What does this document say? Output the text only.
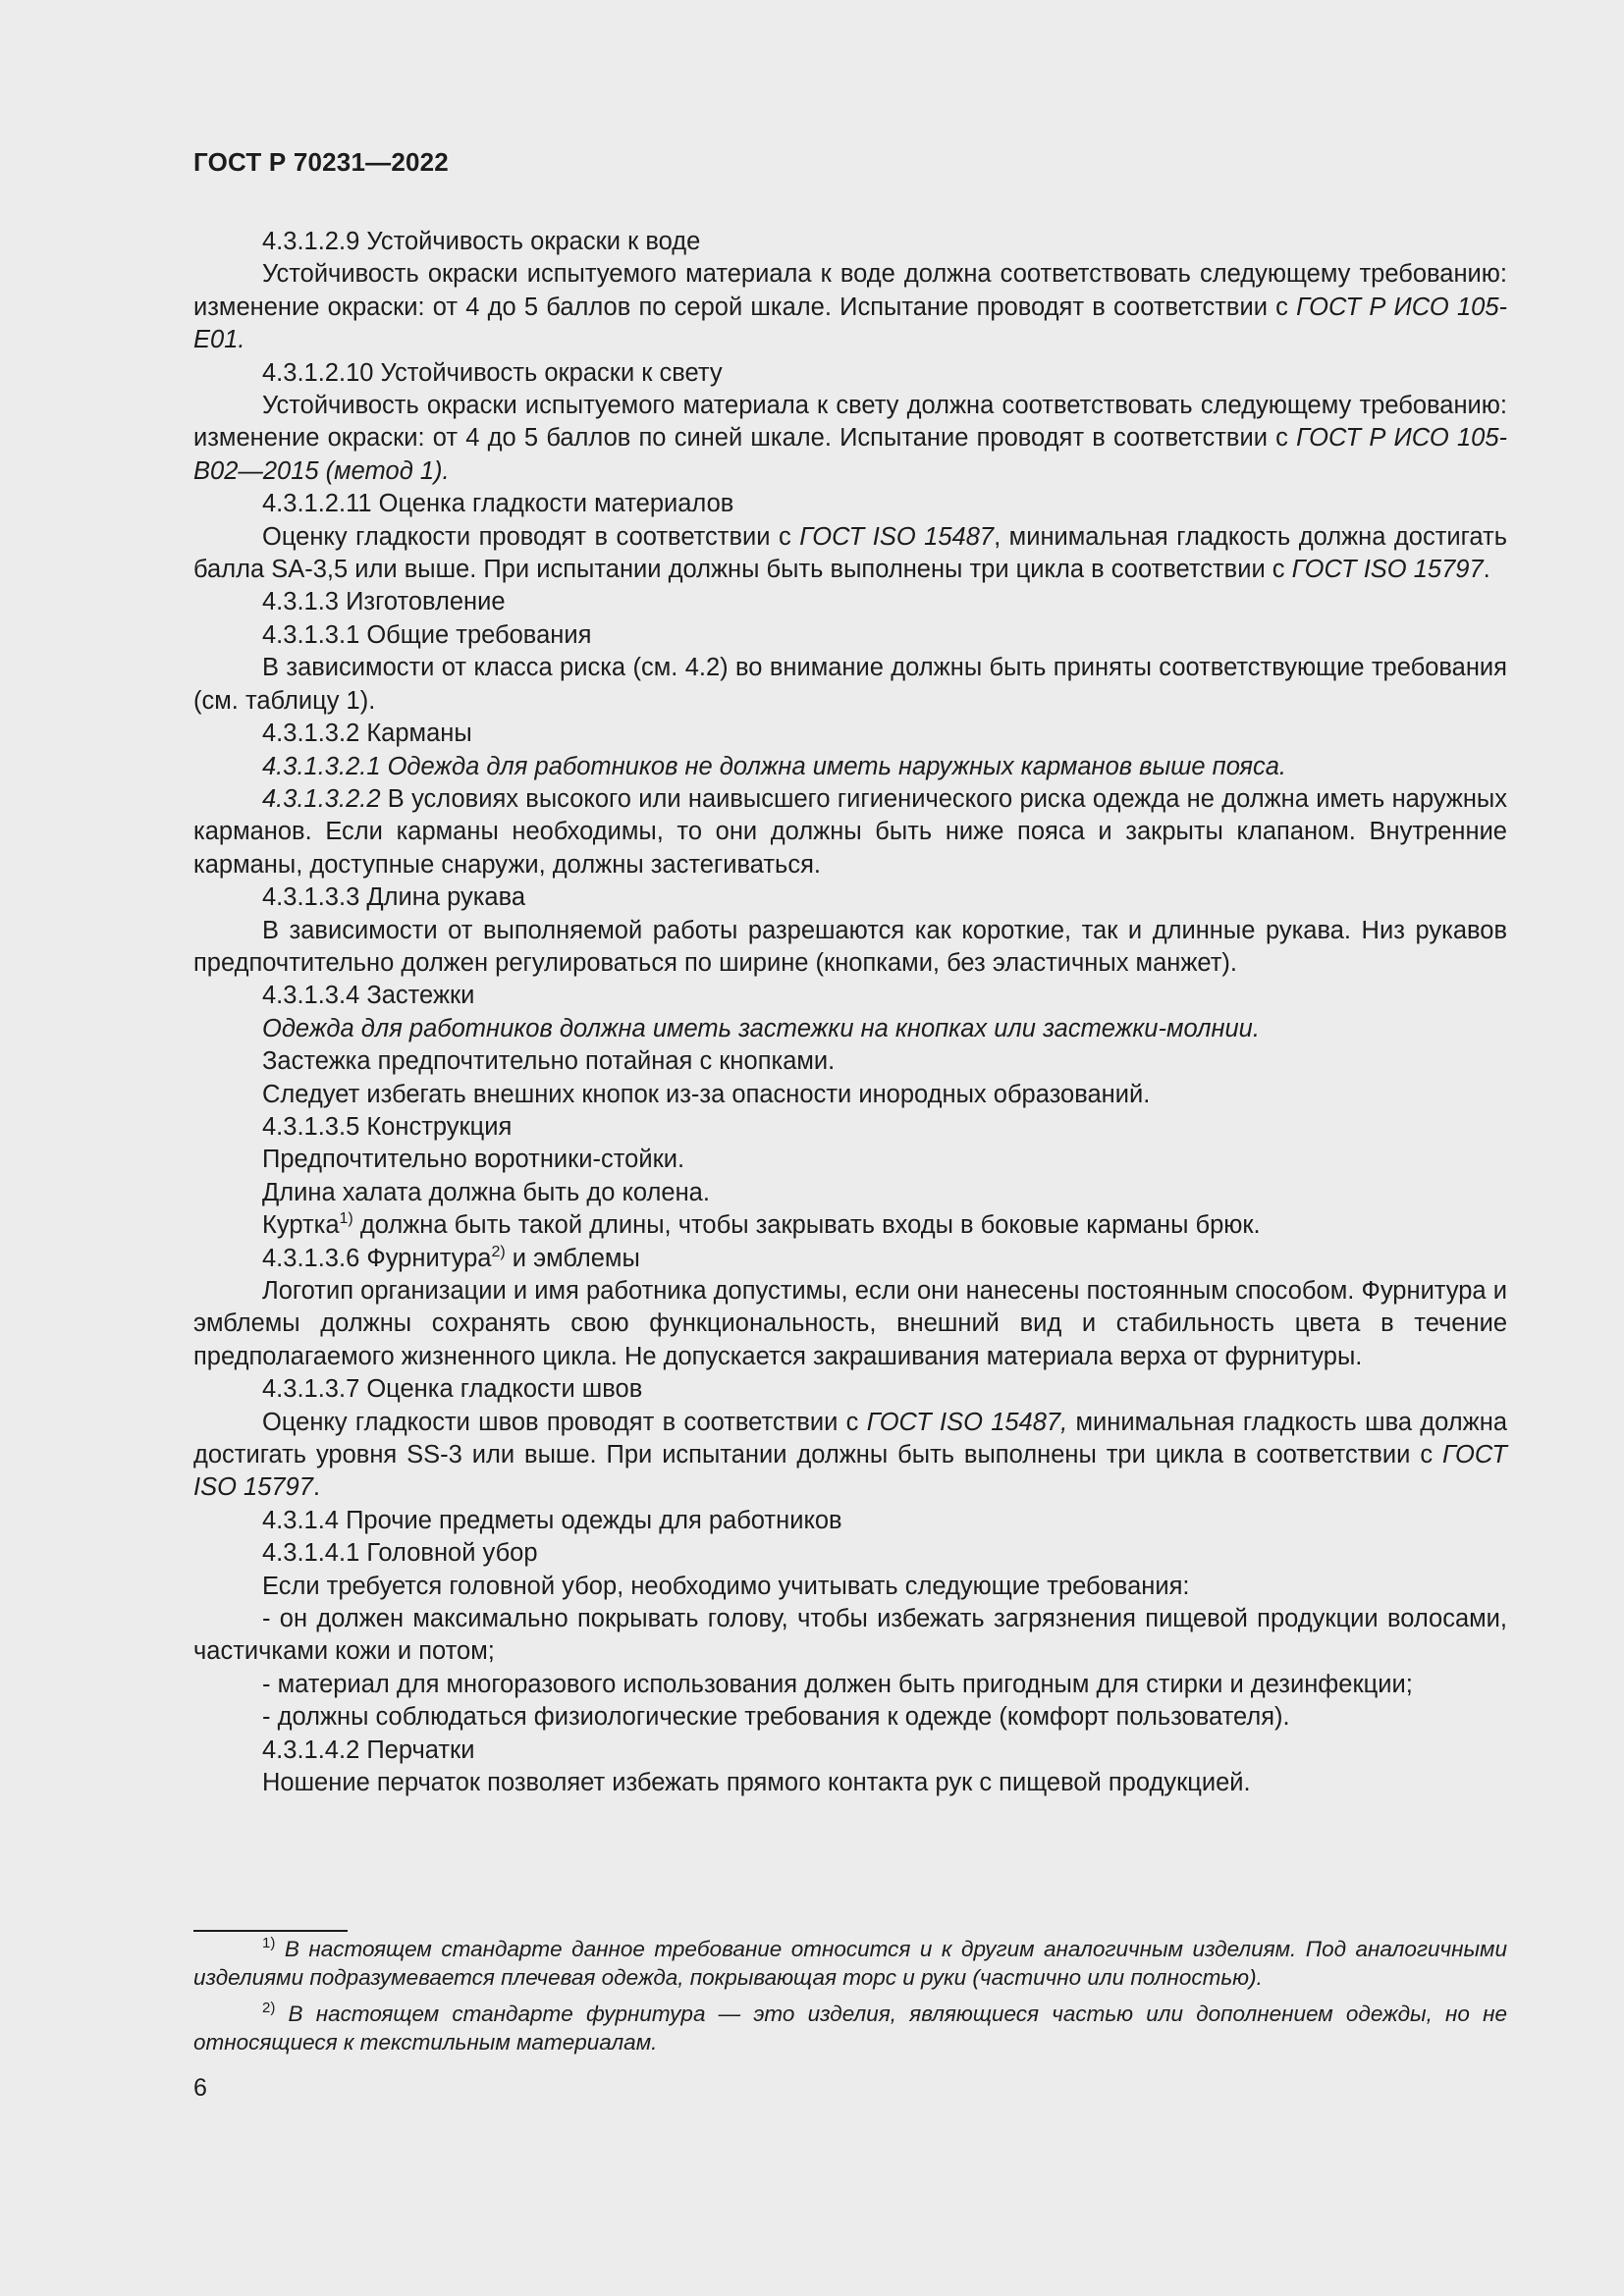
ГОСТ Р 70231—2022

4.3.1.2.9 Устойчивость окраски к воде

Устойчивость окраски испытуемого материала к воде должна соответствовать следующему требованию: изменение окраски: от 4 до 5 баллов по серой шкале. Испытание проводят в соответствии с ГОСТ Р ИСО 105-Е01.

4.3.1.2.10 Устойчивость окраски к свету

Устойчивость окраски испытуемого материала к свету должна соответствовать следующему требованию: изменение окраски: от 4 до 5 баллов по синей шкале. Испытание проводят в соответствии с ГОСТ Р ИСО 105-В02—2015 (метод 1).

4.3.1.2.11 Оценка гладкости материалов

Оценку гладкости проводят в соответствии с ГОСТ ISO 15487, минимальная гладкость должна достигать балла SA-3,5 или выше. При испытании должны быть выполнены три цикла в соответствии с ГОСТ ISO 15797.

4.3.1.3 Изготовление

4.3.1.3.1 Общие требования

В зависимости от класса риска (см. 4.2) во внимание должны быть приняты соответствующие требования (см. таблицу 1).

4.3.1.3.2 Карманы

4.3.1.3.2.1 Одежда для работников не должна иметь наружных карманов выше пояса.

4.3.1.3.2.2 В условиях высокого или наивысшего гигиенического риска одежда не должна иметь наружных карманов. Если карманы необходимы, то они должны быть ниже пояса и закрыты клапаном. Внутренние карманы, доступные снаружи, должны застегиваться.

4.3.1.3.3 Длина рукава

В зависимости от выполняемой работы разрешаются как короткие, так и длинные рукава. Низ рукавов предпочтительно должен регулироваться по ширине (кнопками, без эластичных манжет).

4.3.1.3.4 Застежки

Одежда для работников должна иметь застежки на кнопках или застежки-молнии.

Застежка предпочтительно потайная с кнопками.

Следует избегать внешних кнопок из-за опасности инородных образований.

4.3.1.3.5 Конструкция

Предпочтительно воротники-стойки.

Длина халата должна быть до колена.

Куртка$^{1)}$ должна быть такой длины, чтобы закрывать входы в боковые карманы брюк.

4.3.1.3.6 Фурнитура$^{2)}$ и эмблемы

Логотип организации и имя работника допустимы, если они нанесены постоянным способом. Фурнитура и эмблемы должны сохранять свою функциональность, внешний вид и стабильность цвета в течение предполагаемого жизненного цикла. Не допускается закрашивания материала верха от фурнитуры.

4.3.1.3.7 Оценка гладкости швов

Оценку гладкости швов проводят в соответствии с ГОСТ ISO 15487, минимальная гладкость шва должна достигать уровня SS-3 или выше. При испытании должны быть выполнены три цикла в соответствии с ГОСТ ISO 15797.

4.3.1.4 Прочие предметы одежды для работников

4.3.1.4.1 Головной убор

Если требуется головной убор, необходимо учитывать следующие требования:

- он должен максимально покрывать голову, чтобы избежать загрязнения пищевой продукции волосами, частичками кожи и потом;

- материал для многоразового использования должен быть пригодным для стирки и дезинфекции;

- должны соблюдаться физиологические требования к одежде (комфорт пользователя).

4.3.1.4.2 Перчатки

Ношение перчаток позволяет избежать прямого контакта рук с пищевой продукцией.

$^{1)}$ В настоящем стандарте данное требование относится и к другим аналогичным изделиям. Под аналогичными изделиями подразумевается плечевая одежда, покрывающая торс и руки (частично или полностью).

$^{2)}$ В настоящем стандарте фурнитура — это изделия, являющиеся частью или дополнением одежды, но не относящиеся к текстильным материалам.

6
